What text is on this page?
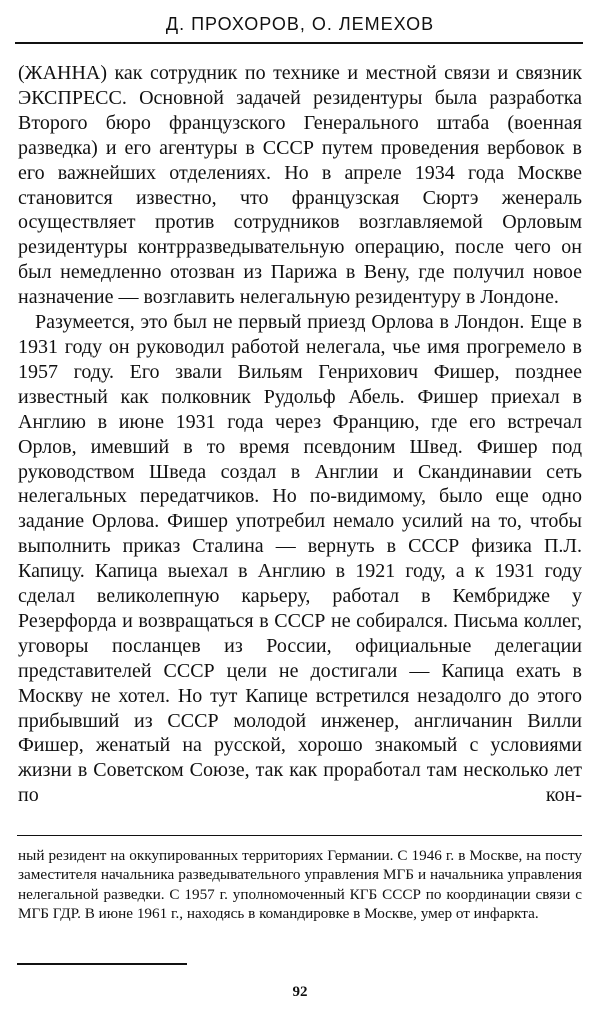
Д. ПРОХОРОВ, О. ЛЕМЕХОВ

(ЖАННА) как сотрудник по технике и местной связи и связник ЭКСПРЕСС. Основной задачей резидентуры была разработка Второго бюро французского Генерального штаба (военная разведка) и его агентуры в СССР путем проведения вербовок в его важнейших отделениях. Но в апреле 1934 года Москве становится известно, что французская Сюртэ женераль осуществляет против сотрудников возглавляемой Орловым резидентуры контрразведывательную операцию, после чего он был немедленно отозван из Парижа в Вену, где получил новое назначение — возглавить нелегальную резидентуру в Лондоне.

Разумеется, это был не первый приезд Орлова в Лондон. Еще в 1931 году он руководил работой нелегала, чье имя прогремело в 1957 году. Его звали Вильям Генрихович Фишер, позднее известный как полковник Рудольф Абель. Фишер приехал в Англию в июне 1931 года через Францию, где его встречал Орлов, имевший в то время псевдоним Швед. Фишер под руководством Шведа создал в Англии и Скандинавии сеть нелегальных передатчиков. Но по-видимому, было еще одно задание Орлова. Фишер употребил немало усилий на то, чтобы выполнить приказ Сталина — вернуть в СССР физика П.Л. Капицу. Капица выехал в Англию в 1921 году, а к 1931 году сделал великолепную карьеру, работал в Кембридже у Резерфорда и возвращаться в СССР не собирался. Письма коллег, уговоры посланцев из России, официальные делегации представителей СССР цели не достигали — Капица ехать в Москву не хотел. Но тут Капице встретился незадолго до этого прибывший из СССР молодой инженер, англичанин Вилли Фишер, женатый на русской, хорошо знакомый с условиями жизни в Советском Союзе, так как проработал там несколько лет по кон-

ный резидент на оккупированных территориях Германии. С 1946 г. в Москве, на посту заместителя начальника разведывательного управления МГБ и начальника управления нелегальной разведки. С 1957 г. уполномоченный КГБ СССР по координации связи с МГБ ГДР. В июне 1961 г., находясь в командировке в Москве, умер от инфаркта.

92
